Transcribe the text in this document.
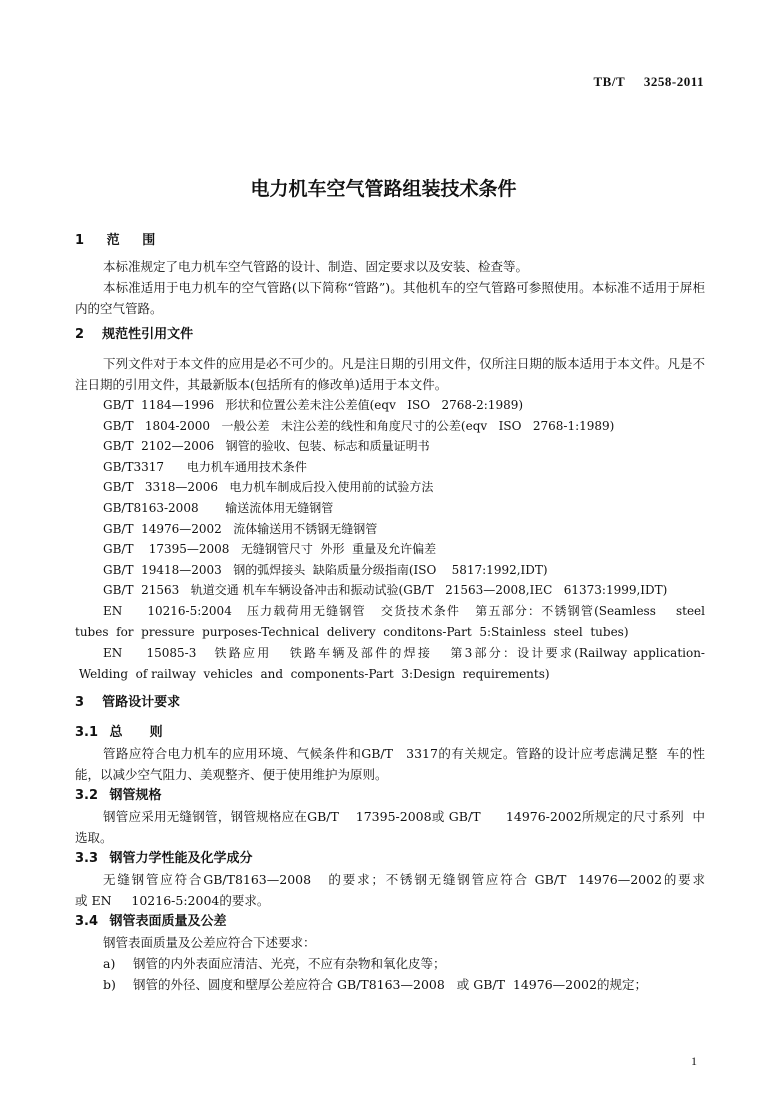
TB/T     3258-2011
电力机车空气管路组装技术条件
1     范     围
本标准规定了电力机车空气管路的设计、制造、固定要求以及安装、检查等。
本标准适用于电力机车的空气管路(以下简称“管路”)。其他机车的空气管路可参照使用。本标准不适用于屏柜内的空气管路。
2    规范性引用文件
下列文件对于本文件的应用是必不可少的。凡是注日期的引用文件，仅所注日期的版本适用于本文件。凡是不注日期的引用文件，其最新版本(包括所有的修改单)适用于本文件。
GB/T  1184—1996   形状和位置公差未注公差值(eqv   ISO   2768-2:1989)
GB/T   1804-2000   一般公差   未注公差的线性和角度尺寸的公差(eqv   ISO   2768-1:1989)
GB/T  2102—2006   钢管的验收、包装、标志和质量证明书
GB/T3317      电力机车通用技术条件
GB/T   3318—2006   电力机车制成后投入使用前的试验方法
GB/T8163-2008       输送流体用无缝钢管
GB/T  14976—2002   流体输送用不锈钢无缝钢管
GB/T    17395—2008   无缝钢管尺寸  外形  重量及允许偏差
GB/T  19418—2003   钢的弧焊接头  缺陷质量分级指南(ISO    5817:1992,IDT)
GB/T  21563   轨道交通 机车车辆设备冲击和振动试验(GB/T   21563—2008,IEC   61373:1999,IDT)
EN     10216-5:2004   压力载荷用无缝钢管   交货技术条件   第五部分：不锈钢管(Seamless    steel tubes  for  pressure  purposes-Technical  delivery  conditons-Part  5:Stainless  steel  tubes)
EN    15085-3   铁路应用   铁路车辆及部件的焊接   第3部分：设计要求(Railway application- Welding  of railway  vehicles  and  components-Part  3:Design  requirements)
3    管路设计要求
3.1 总      则
管路应符合电力机车的应用环境、气候条件和GB/T   3317的有关规定。管路的设计应考虑满足整  车的性能，以减少空气阻力、美观整齐、便于使用维护为原则。
3.2 钢管规格
钢管应采用无缝钢管，钢管规格应在GB/T    17395-2008或 GB/T      14976-2002所规定的尺寸系列  中选取。
3.3 钢管力学性能及化学成分
无缝钢管应符合GB/T8163—2008   的要求；不锈钢无缝钢管应符合 GB/T  14976—2002的要求或 EN     10216-5:2004的要求。
3.4 钢管表面质量及公差
钢管表面质量及公差应符合下述要求：
a) 钢管的内外表面应清洁、光亮，不应有杂物和氧化皮等；
b) 钢管的外径、圆度和壁厚公差应符合 GB/T8163—2008   或 GB/T  14976—2002的规定；
1
